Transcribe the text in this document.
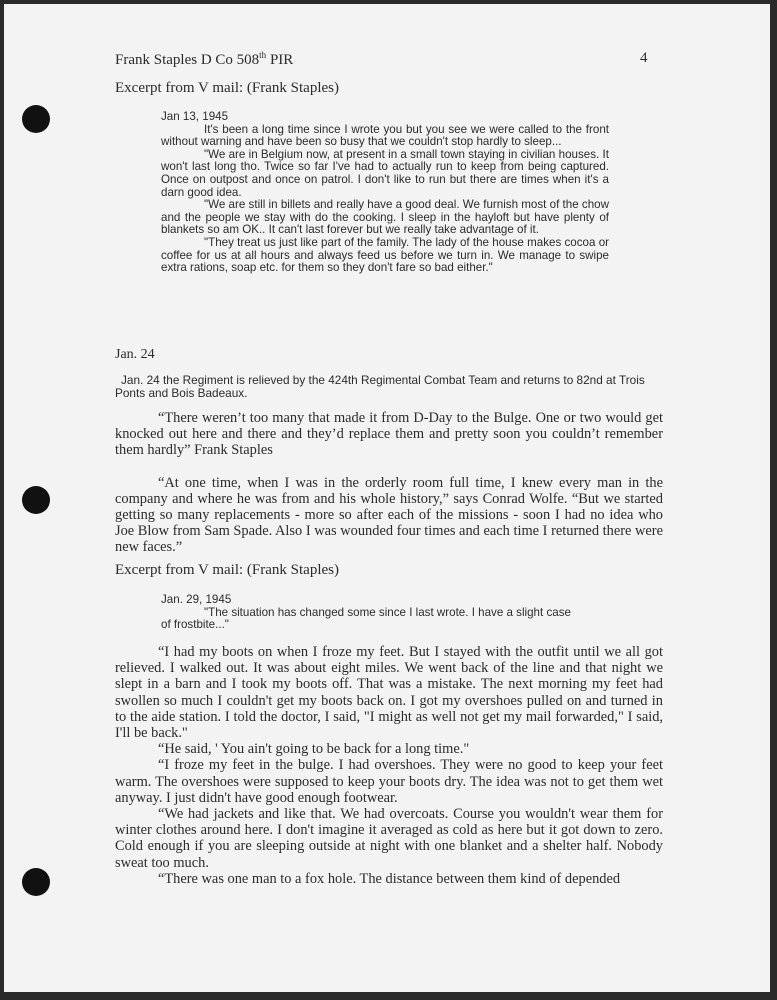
Frank Staples D Co 508th PIR	4
Excerpt from V mail: (Frank Staples)
Jan 13, 1945

It's been a long time since I wrote you but you see we were called to the front without warning and have been so busy that we couldn't stop hardly to sleep...

"We are in Belgium now, at present in a small town staying in civilian houses. It won't last long tho. Twice so far I've had to actually run to keep from being captured. Once on outpost and once on patrol. I don't like to run but there are times when it's a darn good idea.

"We are still in billets and really have a good deal. We furnish most of the chow and the people we stay with do the cooking. I sleep in the hayloft but have plenty of blankets so am OK.. It can't last forever but we really take advantage of it.

"They treat us just like part of the family. The lady of the house makes cocoa or coffee for us at all hours and always feed us before we turn in. We manage to swipe extra rations, soap etc. for them so they don't fare so bad either."

Jan. 24

Jan. 24 the Regiment is relieved by the 424th Regimental Combat Team and returns to 82nd at Trois Ponts and Bois Badeaux.

“There weren’t too many that made it from D-Day to the Bulge. One or two would get knocked out here and there and they’d replace them and pretty soon you couldn’t remember them hardly” Frank Staples

“At one time, when I was in the orderly room full time, I knew every man in the company and where he was from and his whole history,” says Conrad Wolfe. “But we started getting so many replacements - more so after each of the missions - soon I had no idea who Joe Blow from Sam Spade. Also I was wounded four times and each time I returned there were new faces.”

Excerpt from V mail: (Frank Staples)
Jan. 29, 1945
"The situation has changed some since I last wrote. I have a slight case
of frostbite..."

“I had my boots on when I froze my feet. But I stayed with the outfit until we all got relieved. I walked out. It was about eight miles. We went back of the line and that night we slept in a barn and I took my boots off. That was a mistake. The next morning my feet had swollen so much I couldn't get my boots back on. I got my overshoes pulled on and turned in to the aide station. I told the doctor, I said, "I might as well not get my mail forwarded," I said, I'll be back."

“He said, ' You ain't going to be back for a long time."

“I froze my feet in the bulge. I had overshoes. They were no good to keep your feet warm. The overshoes were supposed to keep your boots dry. The idea was not to get them wet anyway. I just didn't have good enough footwear.

“We had jackets and like that. We had overcoats. Course you wouldn't wear them for winter clothes around here. I don't imagine it averaged as cold as here but it got down to zero. Cold enough if you are sleeping outside at night with one blanket and a shelter half. Nobody sweat too much.

“There was one man to a fox hole. The distance between them kind of depended
